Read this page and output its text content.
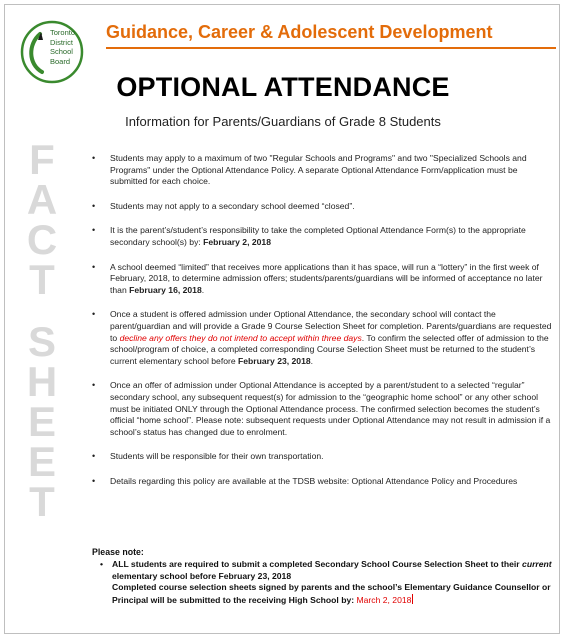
Toronto
District
School
Board
Guidance, Career & Adolescent Development
OPTIONAL ATTENDANCE
Information for Parents/Guardians of Grade 8 Students
F
A
C
T
S
H
E
E
T
• Students may apply to a maximum of two "Regular Schools and Programs" and two "Specialized Schools and Programs" under the Optional Attendance Policy. A separate Optional Attendance Form/application must be submitted for each choice.
• Students may not apply to a secondary school deemed “closed”.
• It is the parent’s/student’s responsibility to take the completed Optional Attendance Form(s) to the appropriate secondary school(s) by: February 2, 2018
• A school deemed “limited” that receives more applications than it has space, will run a “lottery” in the first week of February, 2018, to determine admission offers; students/parents/guardians will be informed of acceptance no later than February 16, 2018.
• Once a student is offered admission under Optional Attendance, the secondary school will contact the parent/guardian and will provide a Grade 9 Course Selection Sheet for completion. Parents/guardians are requested to decline any offers they do not intend to accept within three days. To confirm the selected offer of admission to the school/program of choice, a completed corresponding Course Selection Sheet must be returned to the student’s current elementary school before February 23, 2018.
• Once an offer of admission under Optional Attendance is accepted by a parent/student to a selected “regular” secondary school, any subsequent request(s) for admission to the “geographic home school” or any other school must be initiated ONLY through the Optional Attendance process. The confirmed selection becomes the student’s official “home school”. Please note: subsequent requests under Optional Attendance may not result in admission if a school’s status has changed due to enrolment.
• Students will be responsible for their own transportation.
• Details regarding this policy are available at the TDSB website: Optional Attendance Policy and Procedures
Please note:
• ALL students are required to submit a completed Secondary School Course Selection Sheet to their current elementary school before February 23, 2018
Completed course selection sheets signed by parents and the school’s Elementary Guidance Counsellor or Principal will be submitted to the receiving High School by: March 2, 2018
